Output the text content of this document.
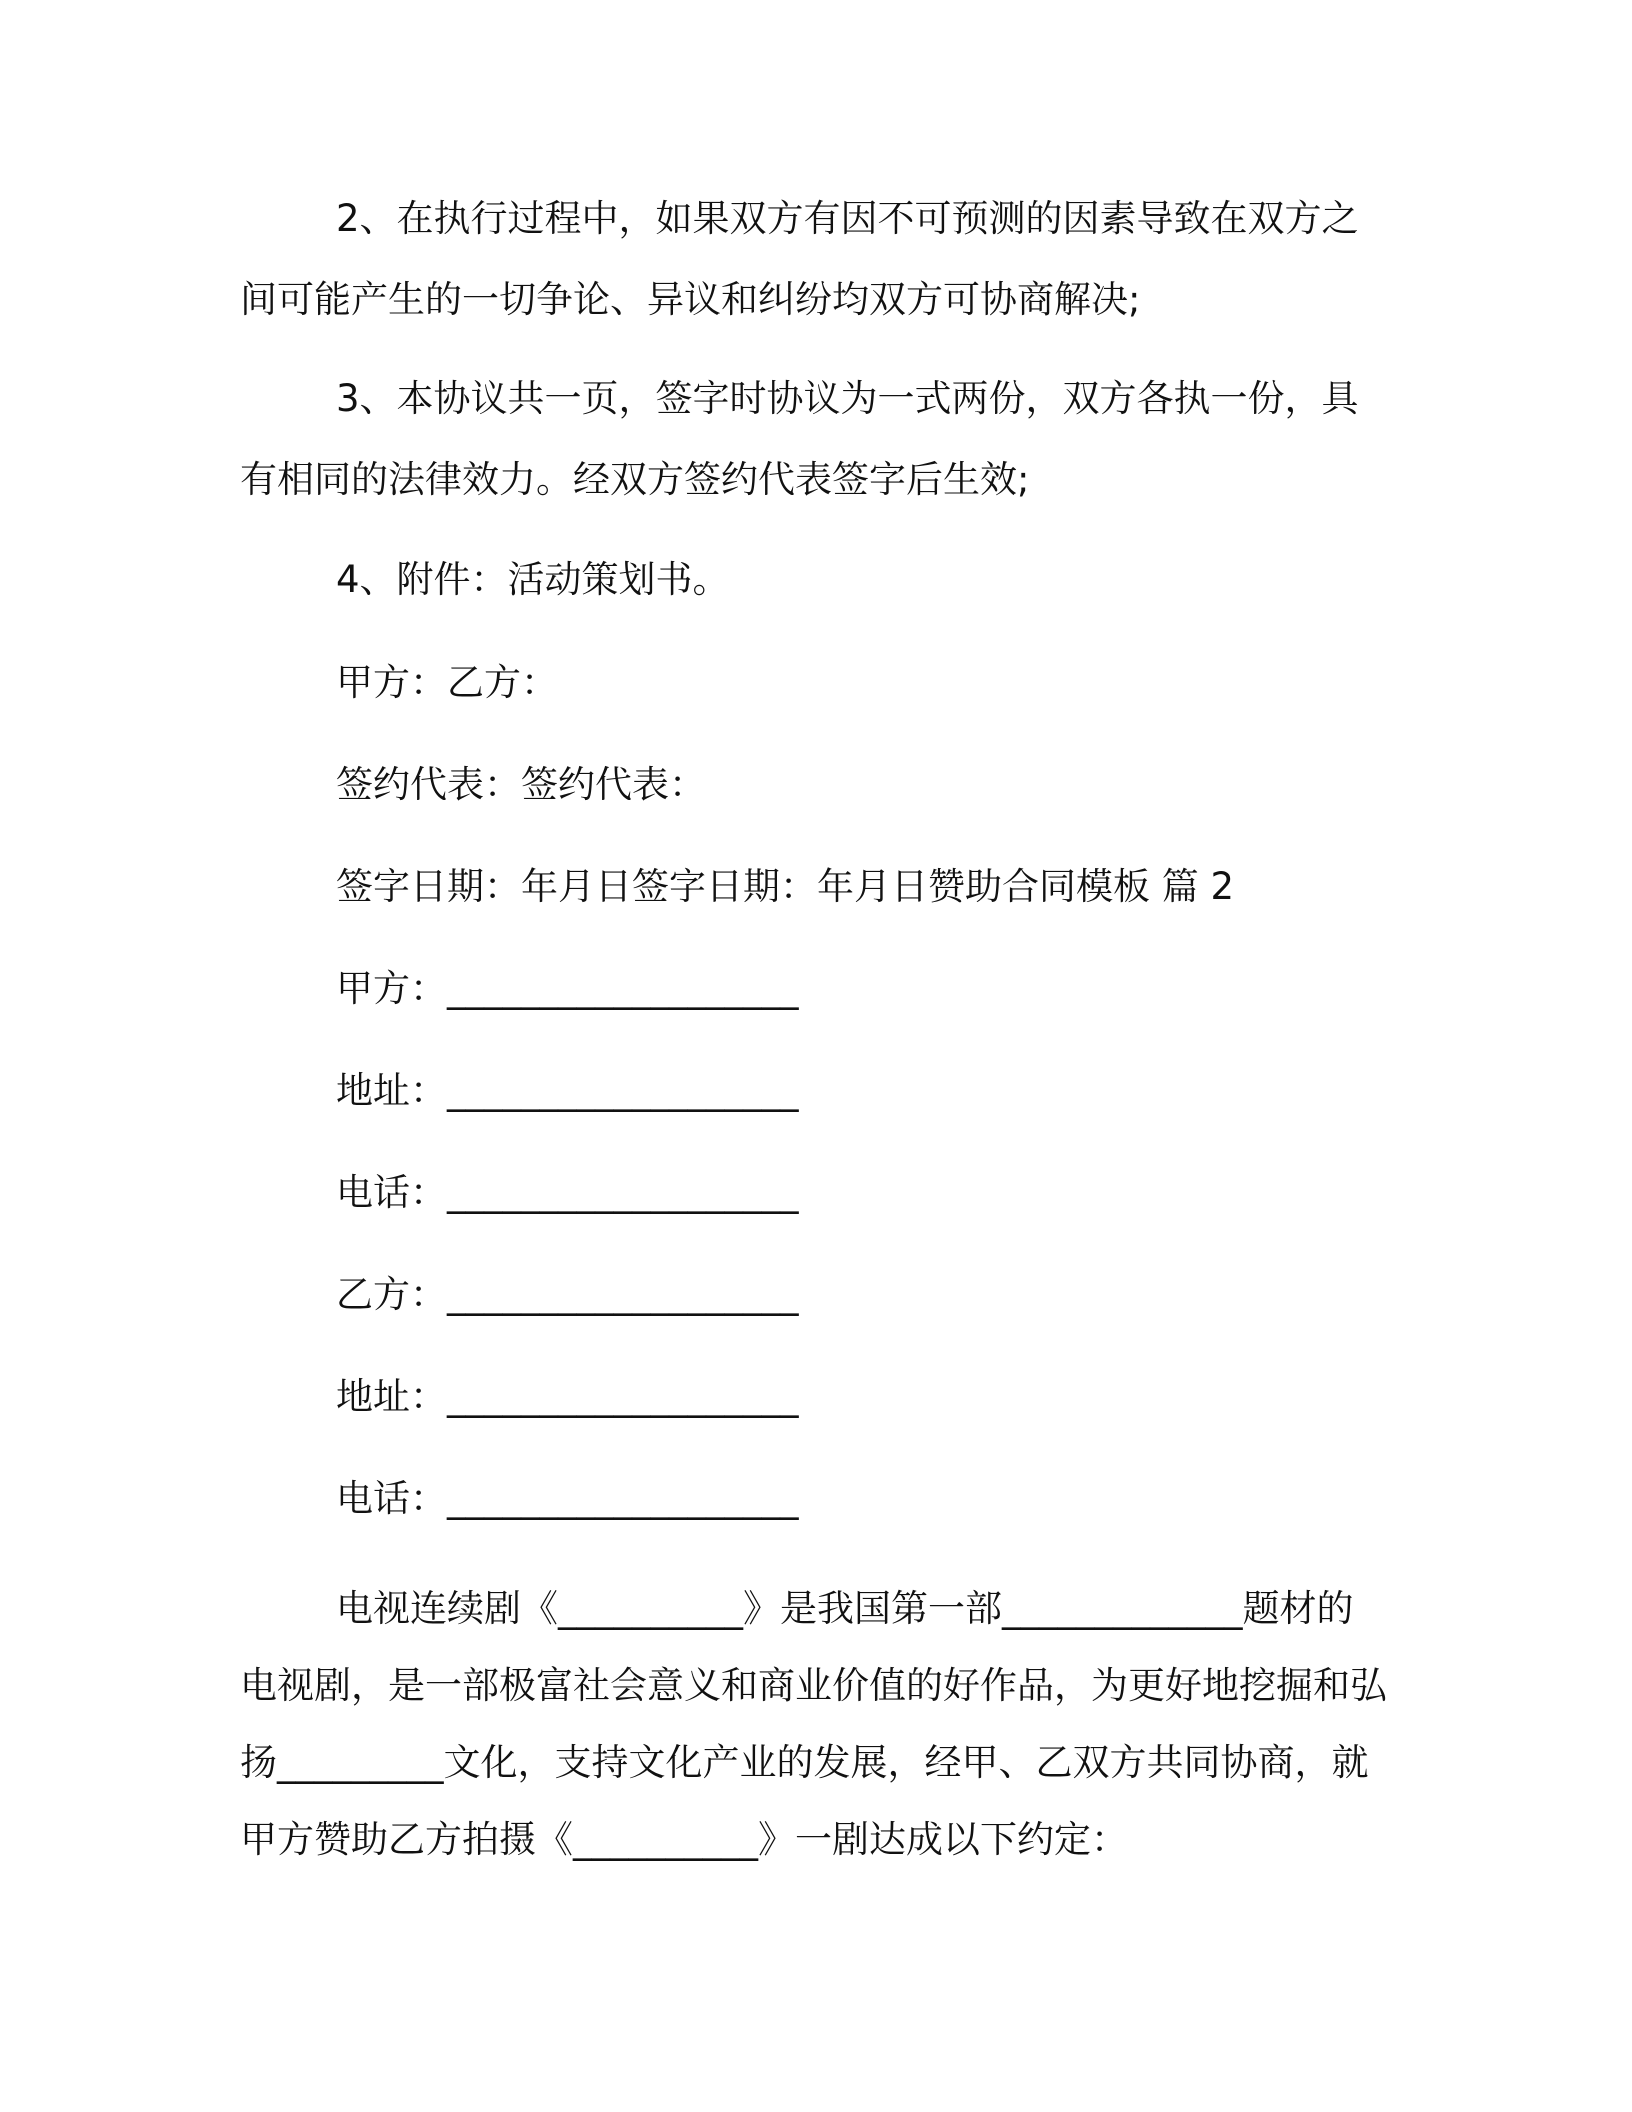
2、在执行过程中，如果双方有因不可预测的因素导致在双方之间可能产生的一切争论、异议和纠纷均双方可协商解决;

3、本协议共一页，签字时协议为一式两份，双方各执一份，具有相同的法律效力。经双方签约代表签字后生效;

4、附件：活动策划书。

甲方：乙方：

签约代表：签约代表：

签字日期：年月日签字日期：年月日赞助合同模板 篇 2

甲方：___________________

地址：___________________

电话：___________________

乙方：___________________

地址：___________________

电话：___________________

电视连续剧《__________》是我国第一部_____________题材的电视剧，是一部极富社会意义和商业价值的好作品，为更好地挖掘和弘扬_________文化，支持文化产业的发展，经甲、乙双方共同协商，就甲方赞助乙方拍摄《__________》一剧达成以下约定：
